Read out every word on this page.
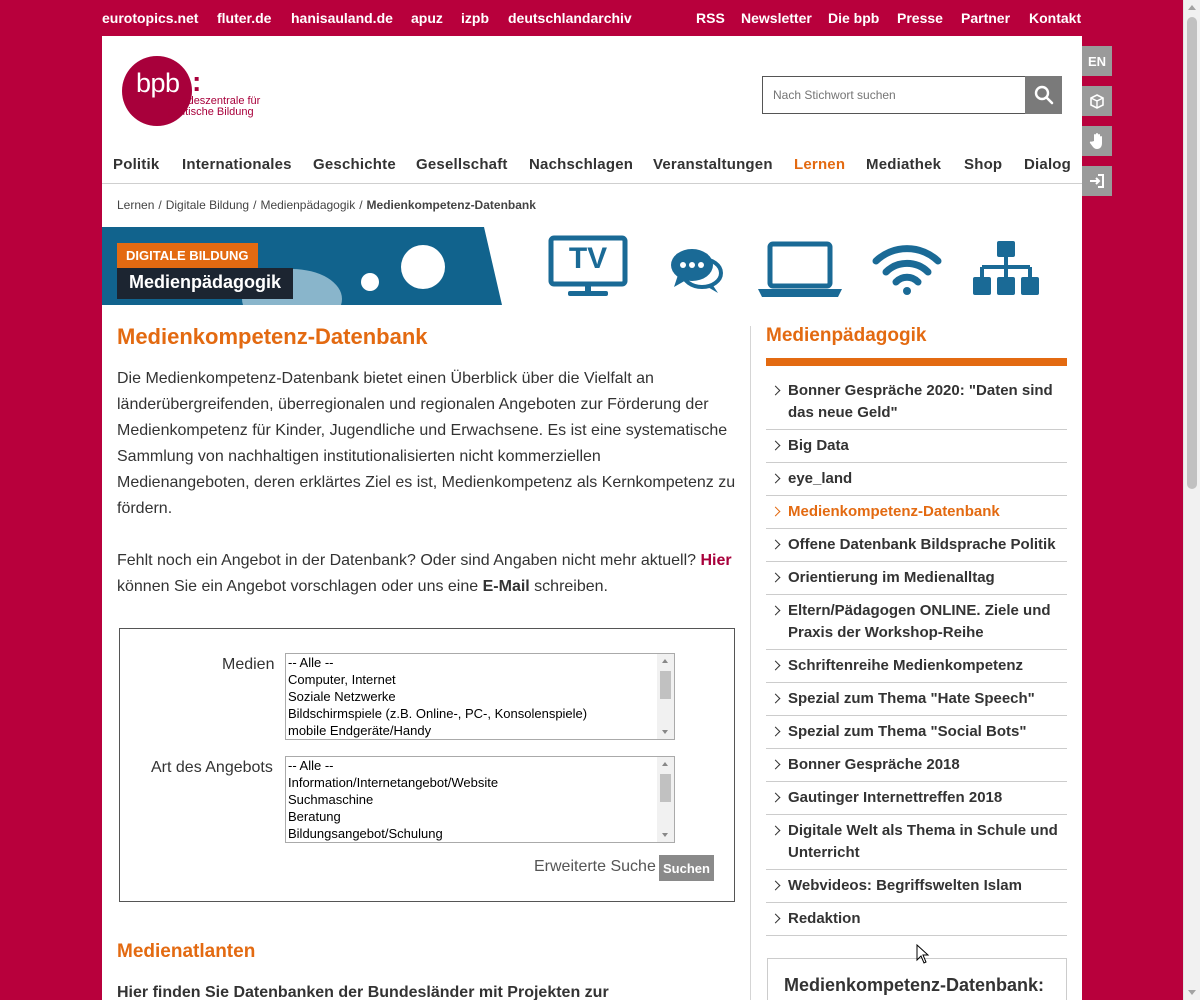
eurotopics.net fluter.de hanisauland.de apuz izpb deutschlandarchiv	RSS Newsletter Die bpb Presse Partner Kontakt
EN
bpb :
Bundeszentrale für
politische Bildung
Nach Stichwort suchen
Politik Internationales Geschichte Gesellschaft Nachschlagen Veranstaltungen Lernen Mediathek Shop Dialog
Lernen / Digitale Bildung / Medienpädagogik / Medienkompetenz-Datenbank
DIGITALE BILDUNG
Medienpädagogik
TV
Medienkompetenz-Datenbank

Die Medienkompetenz-Datenbank bietet einen Überblick über die Vielfalt an länderübergreifenden, überregionalen und regionalen Angeboten zur Förderung der Medienkompetenz für Kinder, Jugendliche und Erwachsene. Es ist eine systematische Sammlung von nachhaltigen institutionalisierten nicht kommerziellen Medienangeboten, deren erklärtes Ziel es ist, Medienkompetenz als Kernkompetenz zu fördern.

Fehlt noch ein Angebot in der Datenbank? Oder sind Angaben nicht mehr aktuell? Hier können Sie ein Angebot vorschlagen oder uns eine E-Mail schreiben.

Medien -- Alle --
Computer, Internet
Soziale Netzwerke
Bildschirmspiele (z.B. Online-, PC-, Konsolenspiele)
mobile Endgeräte/Handy
Art des Angebots -- Alle --
Information/Internetangebot/Website
Suchmaschine
Beratung
Bildungsangebot/Schulung
Erweiterte Suche Suchen
Medienatlanten
Hier finden Sie Datenbanken der Bundesländer mit Projekten zur
Medienpädagogik
Bonner Gespräche 2020: "Daten sind das neue Geld"
Big Data
eye_land
Medienkompetenz-Datenbank
Offene Datenbank Bildsprache Politik
Orientierung im Medienalltag
Eltern/Pädagogen ONLINE. Ziele und Praxis der Workshop-Reihe
Schriftenreihe Medienkompetenz
Spezial zum Thema "Hate Speech"
Spezial zum Thema "Social Bots"
Bonner Gespräche 2018
Gautinger Internettreffen 2018
Digitale Welt als Thema in Schule und Unterricht
Webvideos: Begriffswelten Islam
Redaktion
Medienkompetenz-Datenbank:
